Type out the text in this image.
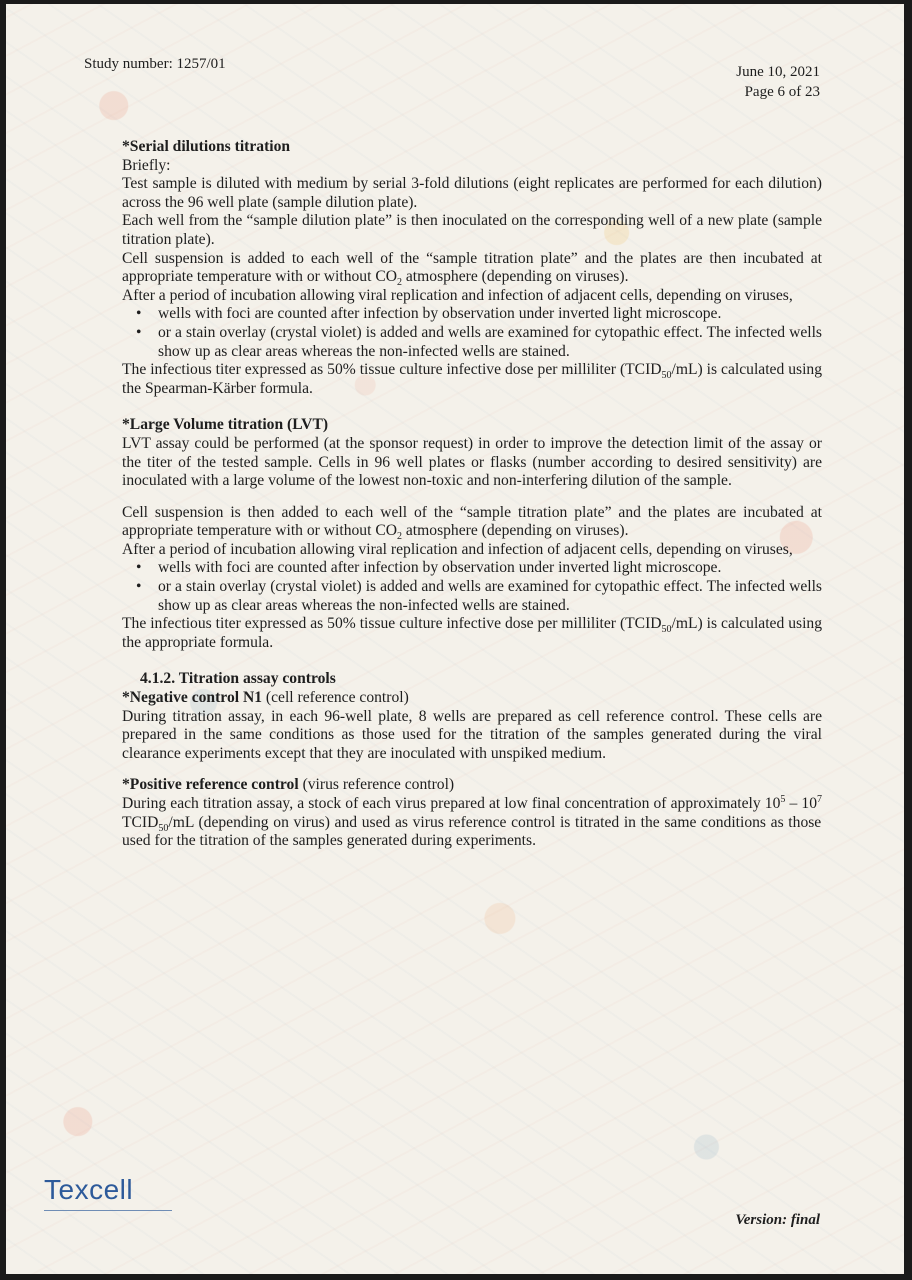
Study number: 1257/01	June 10, 2021
Page 6 of 23

*Serial dilutions titration

Briefly:

Test sample is diluted with medium by serial 3-fold dilutions (eight replicates are performed for each dilution) across the 96 well plate (sample dilution plate).

Each well from the “sample dilution plate” is then inoculated on the corresponding well of a new plate (sample titration plate).

Cell suspension is added to each well of the “sample titration plate” and the plates are then incubated at appropriate temperature with or without $CO_2$ atmosphere (depending on viruses).

After a period of incubation allowing viral replication and infection of adjacent cells, depending on viruses,

• wells with foci are counted after infection by observation under inverted light microscope.
• or a stain overlay (crystal violet) is added and wells are examined for cytopathic effect. The infected wells show up as clear areas whereas the non-infected wells are stained.

The infectious titer expressed as 50% tissue culture infective dose per milliliter $(TCID_{50}/mL)$ is calculated using the Spearman-Kärber formula.

*Large Volume titration (LVT)

LVT assay could be performed (at the sponsor request) in order to improve the detection limit of the assay or the titer of the tested sample. Cells in 96 well plates or flasks (number according to desired sensitivity) are inoculated with a large volume of the lowest non-toxic and non-interfering dilution of the sample.

Cell suspension is then added to each well of the “sample titration plate” and the plates are incubated at appropriate temperature with or without $CO_2$ atmosphere (depending on viruses).

After a period of incubation allowing viral replication and infection of adjacent cells, depending on viruses,

• wells with foci are counted after infection by observation under inverted light microscope.
• or a stain overlay (crystal violet) is added and wells are examined for cytopathic effect. The infected wells show up as clear areas whereas the non-infected wells are stained.

The infectious titer expressed as 50% tissue culture infective dose per milliliter $(TCID_{50}/mL)$ is calculated using the appropriate formula.

4.1.2. Titration assay controls

*Negative control N1 (cell reference control)

During titration assay, in each 96-well plate, 8 wells are prepared as cell reference control. These cells are prepared in the same conditions as those used for the titration of the samples generated during the viral clearance experiments except that they are inoculated with unspiked medium.

*Positive reference control (virus reference control)

During each titration assay, a stock of each virus prepared at low final concentration of approximately $10^5 - 10^7$ $TCID_{50}/mL$ (depending on virus) and used as virus reference control is titrated in the same conditions as those used for the titration of the samples generated during experiments.

Texcell
Version: final
